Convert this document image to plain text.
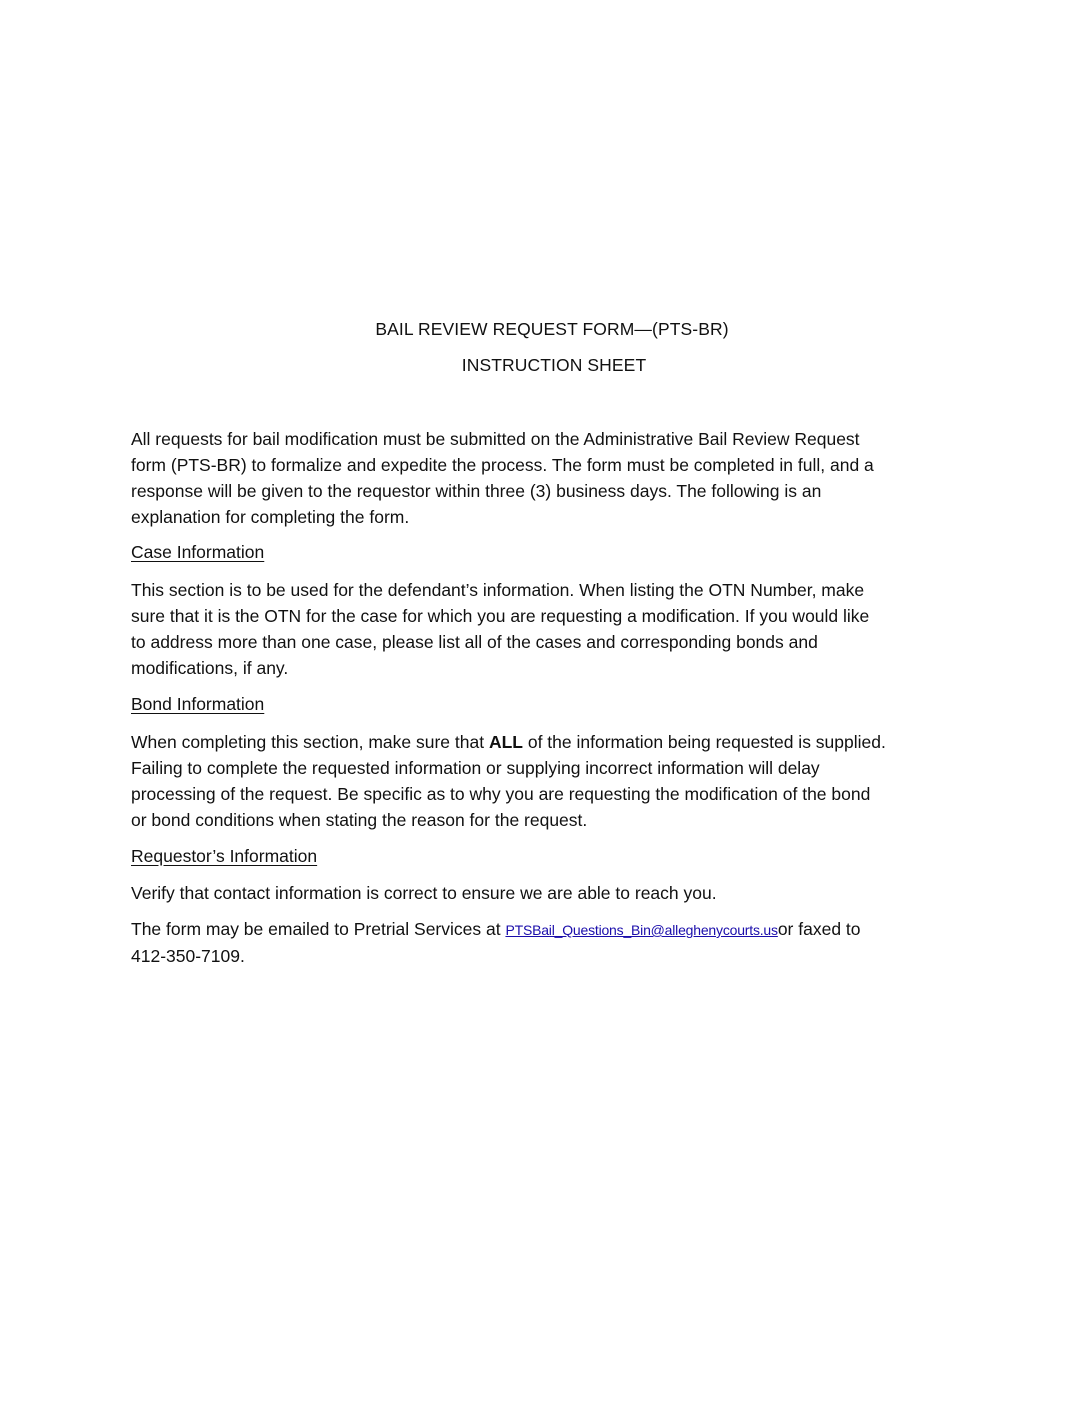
BAIL REVIEW REQUEST FORM—(PTS-BR)
INSTRUCTION SHEET
All requests for bail modification must be submitted on the Administrative Bail Review Request
form (PTS-BR) to formalize and expedite the process. The form must be completed in full, and a
response will be given to the requestor within three (3) business days. The following is an
explanation for completing the form.
Case Information
This section is to be used for the defendant’s information. When listing the OTN Number, make
sure that it is the OTN for the case for which you are requesting a modification. If you would like
to address more than one case, please list all of the cases and corresponding bonds and
modifications, if any.
Bond Information
When completing this section, make sure that ALL of the information being requested is supplied.
Failing to complete the requested information or supplying incorrect information will delay
processing of the request. Be specific as to why you are requesting the modification of the bond
or bond conditions when stating the reason for the request.
Requestor’s Information
Verify that contact information is correct to ensure we are able to reach you.
The form may be emailed to Pretrial Services at PTSBail_Questions_Bin@alleghenycourts.usor faxed to
412-350-7109.
